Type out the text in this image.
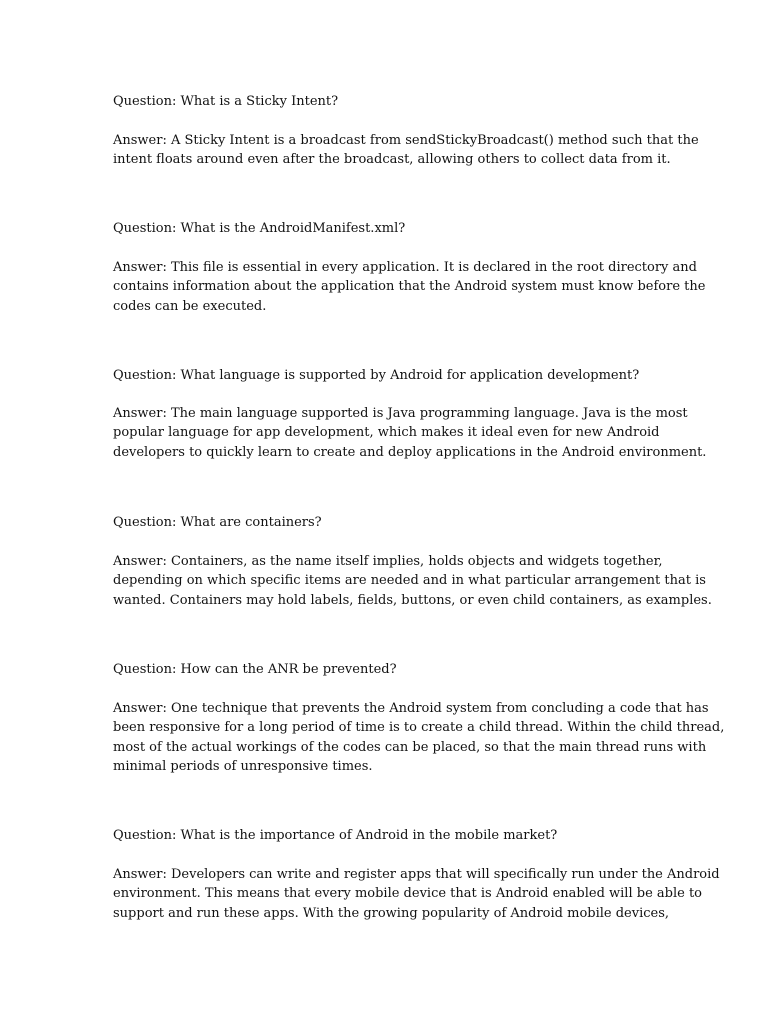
Question: What is a Sticky Intent?

Answer: A Sticky Intent is a broadcast from sendStickyBroadcast() method such that the
intent floats around even after the broadcast, allowing others to collect data from it.

Question: What is the AndroidManifest.xml?

Answer: This file is essential in every application. It is declared in the root directory and
contains information about the application that the Android system must know before the
codes can be executed.

Question: What language is supported by Android for application development?

Answer: The main language supported is Java programming language. Java is the most
popular language for app development, which makes it ideal even for new Android
developers to quickly learn to create and deploy applications in the Android environment.

Question: What are containers?

Answer: Containers, as the name itself implies, holds objects and widgets together,
depending on which specific items are needed and in what particular arrangement that is
wanted. Containers may hold labels, fields, buttons, or even child containers, as examples.

Question: How can the ANR be prevented?

Answer: One technique that prevents the Android system from concluding a code that has
been responsive for a long period of time is to create a child thread. Within the child thread,
most of the actual workings of the codes can be placed, so that the main thread runs with
minimal periods of unresponsive times.

Question: What is the importance of Android in the mobile market?

Answer: Developers can write and register apps that will specifically run under the Android
environment. This means that every mobile device that is Android enabled will be able to
support and run these apps. With the growing popularity of Android mobile devices,
